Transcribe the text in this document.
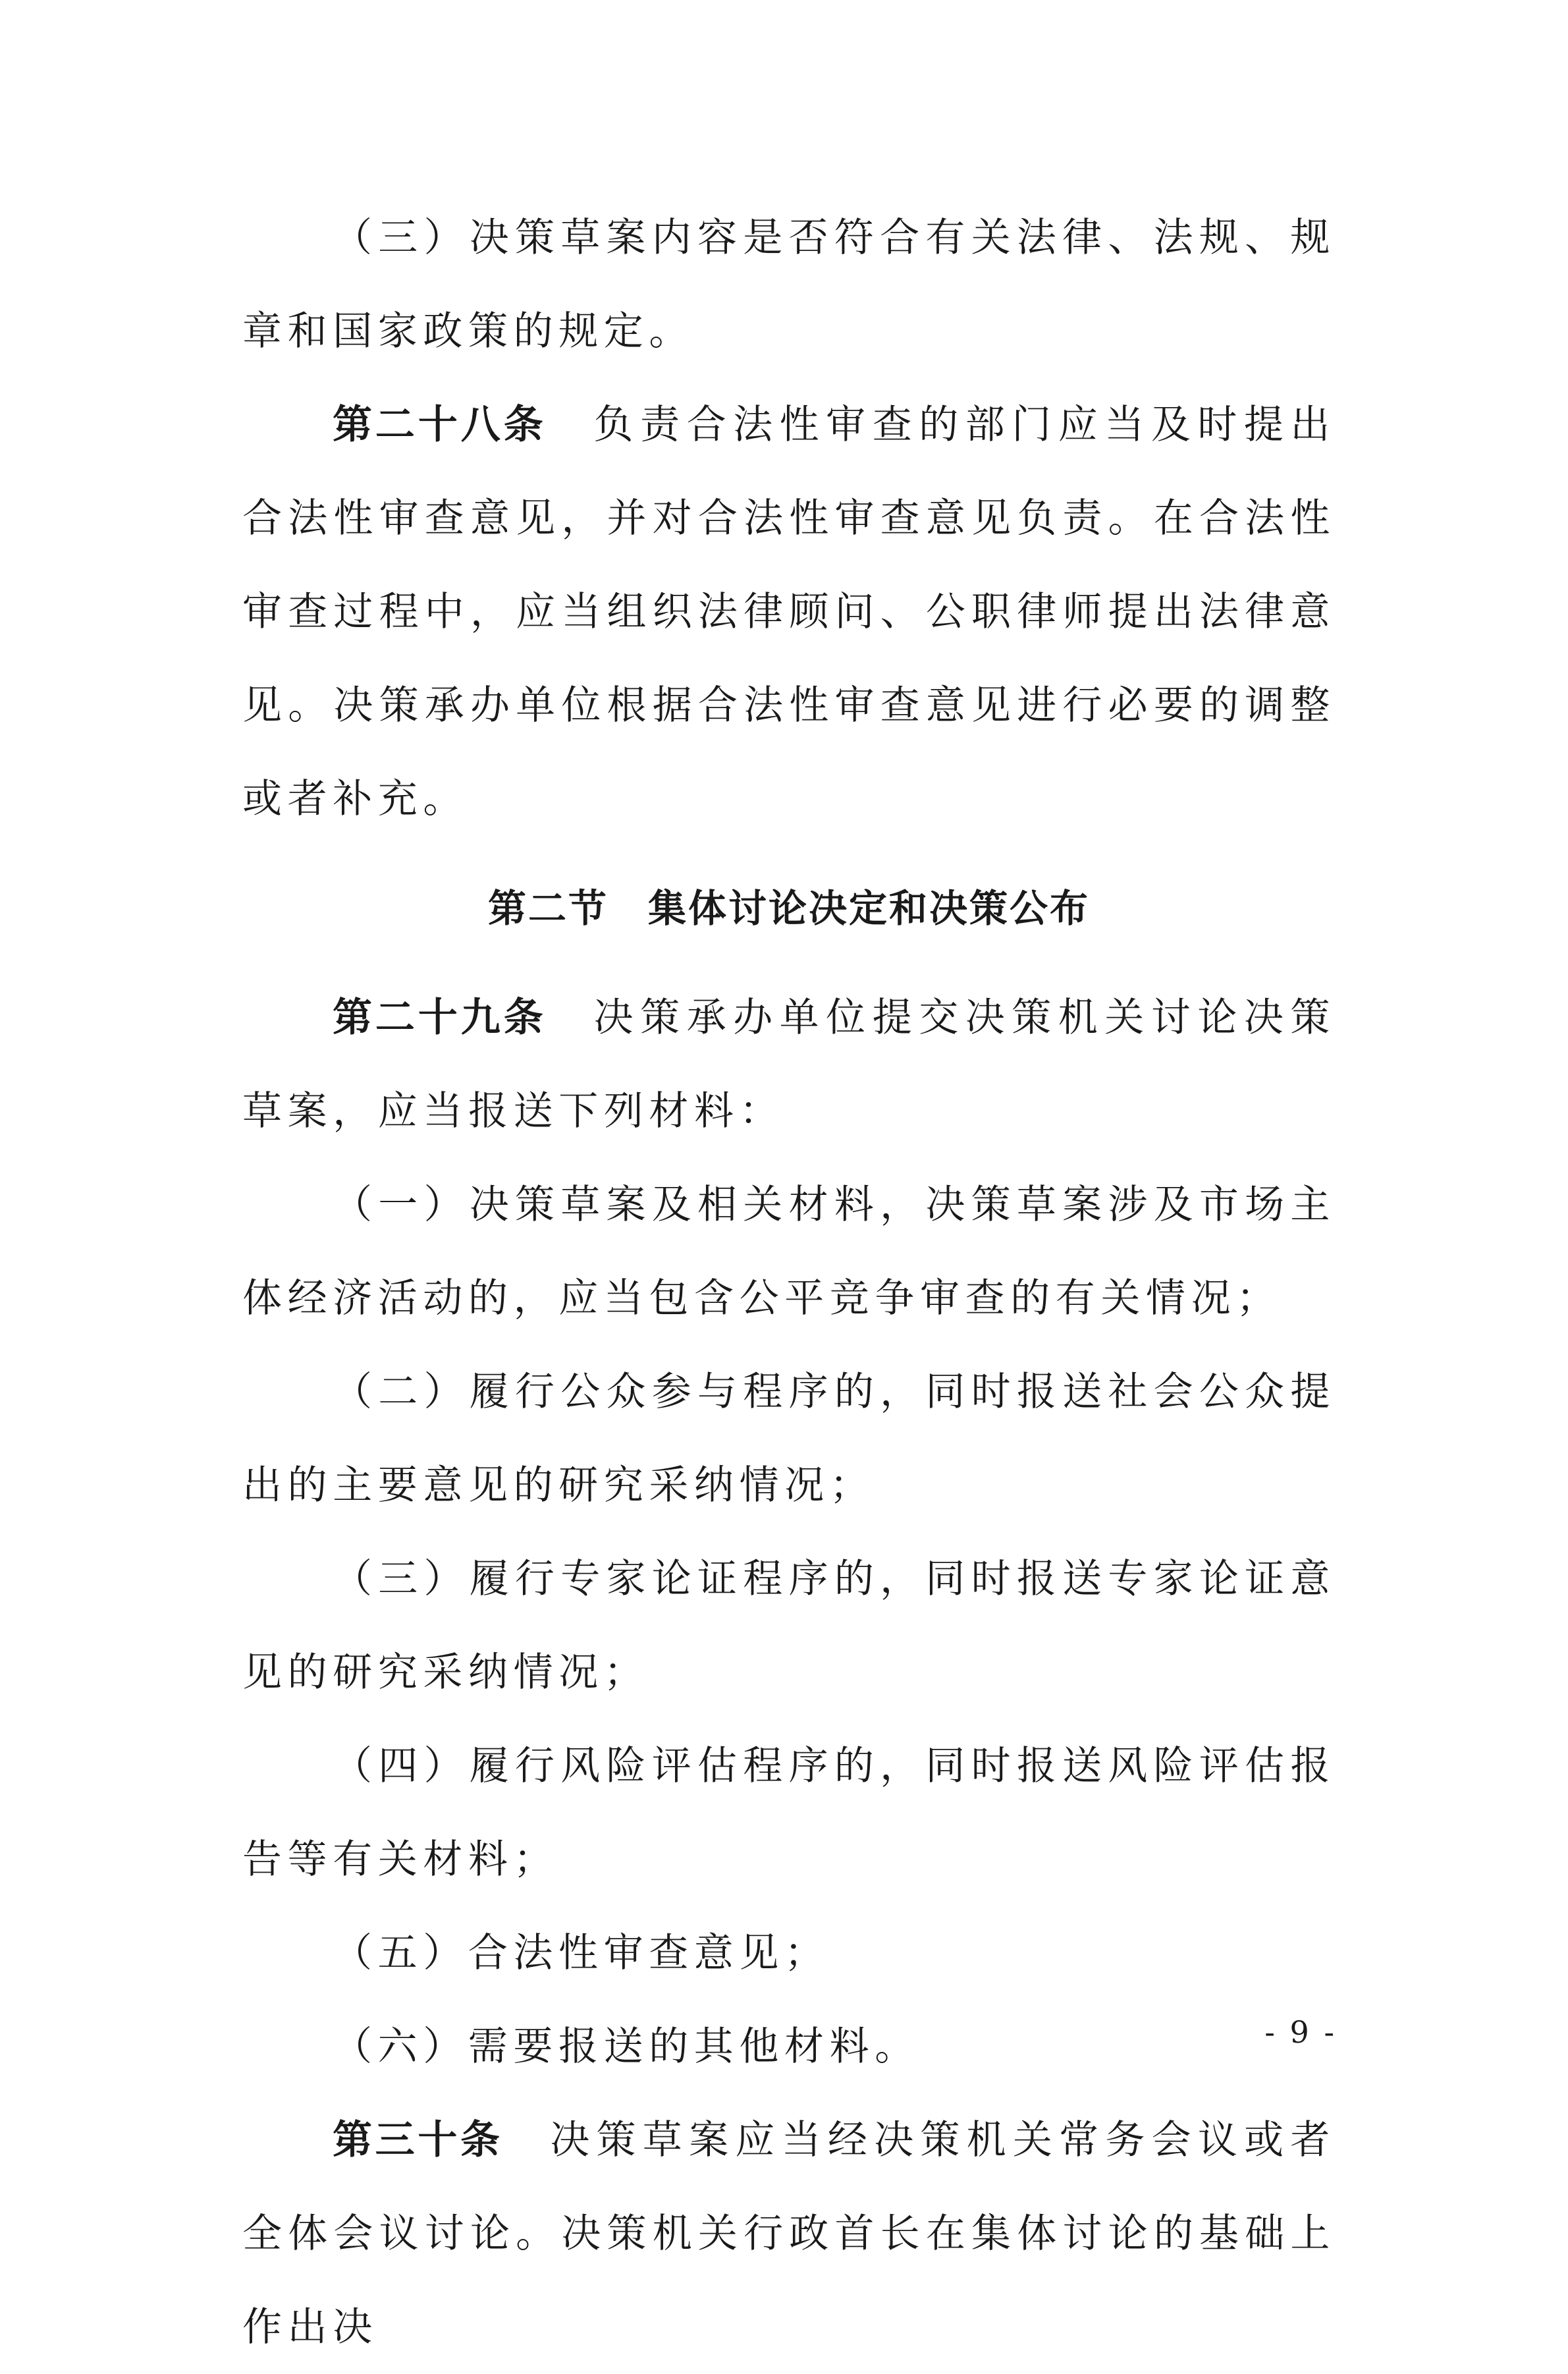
（三）决策草案内容是否符合有关法律、法规、规章和国家政策的规定。

第二十八条 负责合法性审查的部门应当及时提出合法性审查意见，并对合法性审查意见负责。在合法性审查过程中，应当组织法律顾问、公职律师提出法律意见。决策承办单位根据合法性审查意见进行必要的调整或者补充。

第二节 集体讨论决定和决策公布

第二十九条 决策承办单位提交决策机关讨论决策草案，应当报送下列材料：

（一）决策草案及相关材料，决策草案涉及市场主体经济活动的，应当包含公平竞争审查的有关情况；

（二）履行公众参与程序的，同时报送社会公众提出的主要意见的研究采纳情况；

（三）履行专家论证程序的，同时报送专家论证意见的研究采纳情况；

（四）履行风险评估程序的，同时报送风险评估报告等有关材料；

（五）合法性审查意见；

（六）需要报送的其他材料。

第三十条 决策草案应当经决策机关常务会议或者全体会议讨论。决策机关行政首长在集体讨论的基础上作出决

- 9 -
